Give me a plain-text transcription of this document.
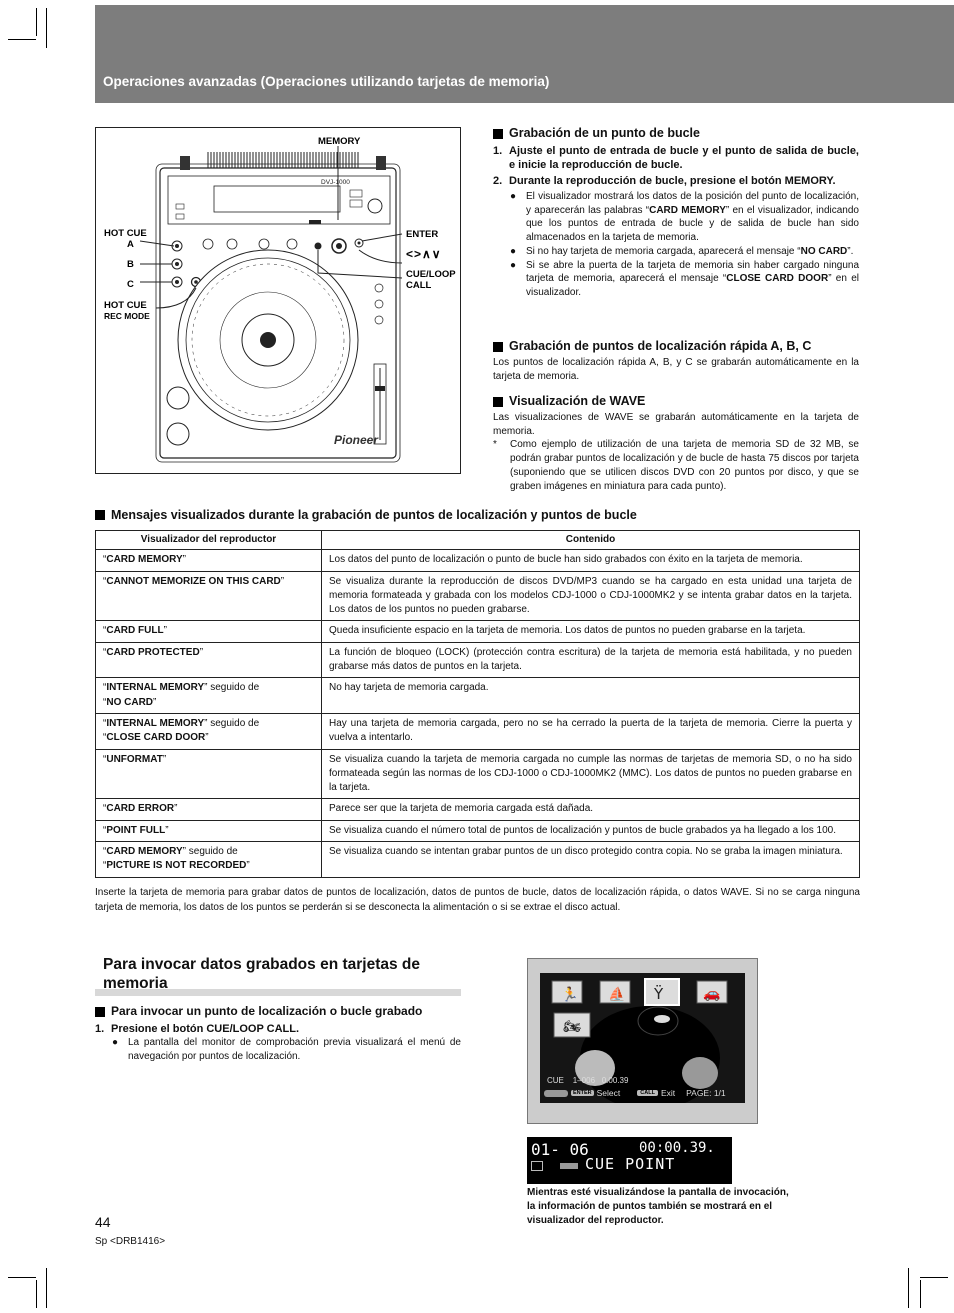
Operaciones avanzadas (Operaciones utilizando tarjetas de memoria)
DVJ-1000
Pioneer
MEMORY
HOT CUE
A
B
C
HOT CUE
REC MODE
ENTER
<>∧∨
CUE/LOOP
CALL
Grabación de un punto de bucle
1. Ajuste el punto de entrada de bucle y el punto de salida de bucle, e inicie la reproducción de bucle.
2. Durante la reproducción de bucle, presione el botón MEMORY.
● El visualizador mostrará los datos de la posición del punto de localización, y aparecerán las palabras “CARD MEMORY” en el visualizador, indicando que los puntos de entrada de bucle y de salida de bucle han sido almacenados en la tarjeta de memoria.
● Si no hay tarjeta de memoria cargada, aparecerá el mensaje “NO CARD”.
● Si se abre la puerta de la tarjeta de memoria sin haber cargado ninguna tarjeta de memoria, aparecerá el mensaje “CLOSE CARD DOOR” en el visualizador.
Grabación de puntos de localización rápida A, B, C
Los puntos de localización rápida A, B, y C se grabarán automáticamente en la tarjeta de memoria.
Visualización de WAVE
Las visualizaciones de WAVE se grabarán automáticamente en la tarjeta de memoria.
*	Como ejemplo de utilización de una tarjeta de memoria SD de 32 MB, se podrán grabar puntos de localización y de bucle de hasta 75 discos por tarjeta (suponiendo que se utilicen discos DVD con 20 puntos por disco, y que se graben imágenes en miniatura para cada punto).
Mensajes visualizados durante la grabación de puntos de localización y puntos de bucle
Visualizador del reproductor	Contenido
“CARD MEMORY”	Los datos del punto de localización o punto de bucle han sido grabados con éxito en la tarjeta de memoria.
“CANNOT MEMORIZE ON THIS CARD”	Se visualiza durante la reproducción de discos DVD/MP3 cuando se ha cargado en esta unidad una tarjeta de memoria formateada y grabada con los modelos CDJ-1000 o CDJ-1000MK2 y se intenta grabar datos en la tarjeta. Los datos de los puntos no pueden grabarse.
“CARD FULL”	Queda insuficiente espacio en la tarjeta de memoria. Los datos de puntos no pueden grabarse en la tarjeta.
“CARD PROTECTED”	La función de bloqueo (LOCK) (protección contra escritura) de la tarjeta de memoria está habilitada, y no pueden grabarse más datos de puntos en la tarjeta.
“INTERNAL MEMORY” seguido de
“NO CARD”	No hay tarjeta de memoria cargada.
“INTERNAL MEMORY” seguido de
“CLOSE CARD DOOR”	Hay una tarjeta de memoria cargada, pero no se ha cerrado la puerta de la tarjeta de memoria. Cierre la puerta y vuelva a intentarlo.
“UNFORMAT”	Se visualiza cuando la tarjeta de memoria cargada no cumple las normas de tarjetas de memoria SD, o no ha sido formateada según las normas de los CDJ-1000 o CDJ-1000MK2 (MMC). Los datos de puntos no pueden grabarse en la tarjeta.
“CARD ERROR”	Parece ser que la tarjeta de memoria cargada está dañada.
“POINT FULL”	Se visualiza cuando el número total de puntos de localización y puntos de bucle grabados ya ha llegado a los 100.
“CARD MEMORY” seguido de
“PICTURE IS NOT RECORDED”	Se visualiza cuando se intentan grabar puntos de un disco protegido contra copia. No se graba la imagen miniatura.
Inserte la tarjeta de memoria para grabar datos de puntos de localización, datos de puntos de bucle, datos de localización rápida, o datos WAVE. Si no se carga ninguna tarjeta de memoria, los datos de los puntos se perderán si se desconecta la alimentación o si se extrae el disco actual.
Para invocar datos grabados en tarjetas de memoria
Para invocar un punto de localización o bucle grabado
1. Presione el botón CUE/LOOP CALL.
● La pantalla del monitor de comprobación previa visualizará el menú de navegación por puntos de localización.
🏃 ⛵ Ÿ	🚗
🏍
CUE    1–006   0.00.39
ENTER Select	CALL Exit PAGE: 1/1
01- 06	00:00.39.
CUE POINT
Mientras esté visualizándose la pantalla de invocación, la información de puntos también se mostrará en el visualizador del reproductor.
44
Sp <DRB1416>
